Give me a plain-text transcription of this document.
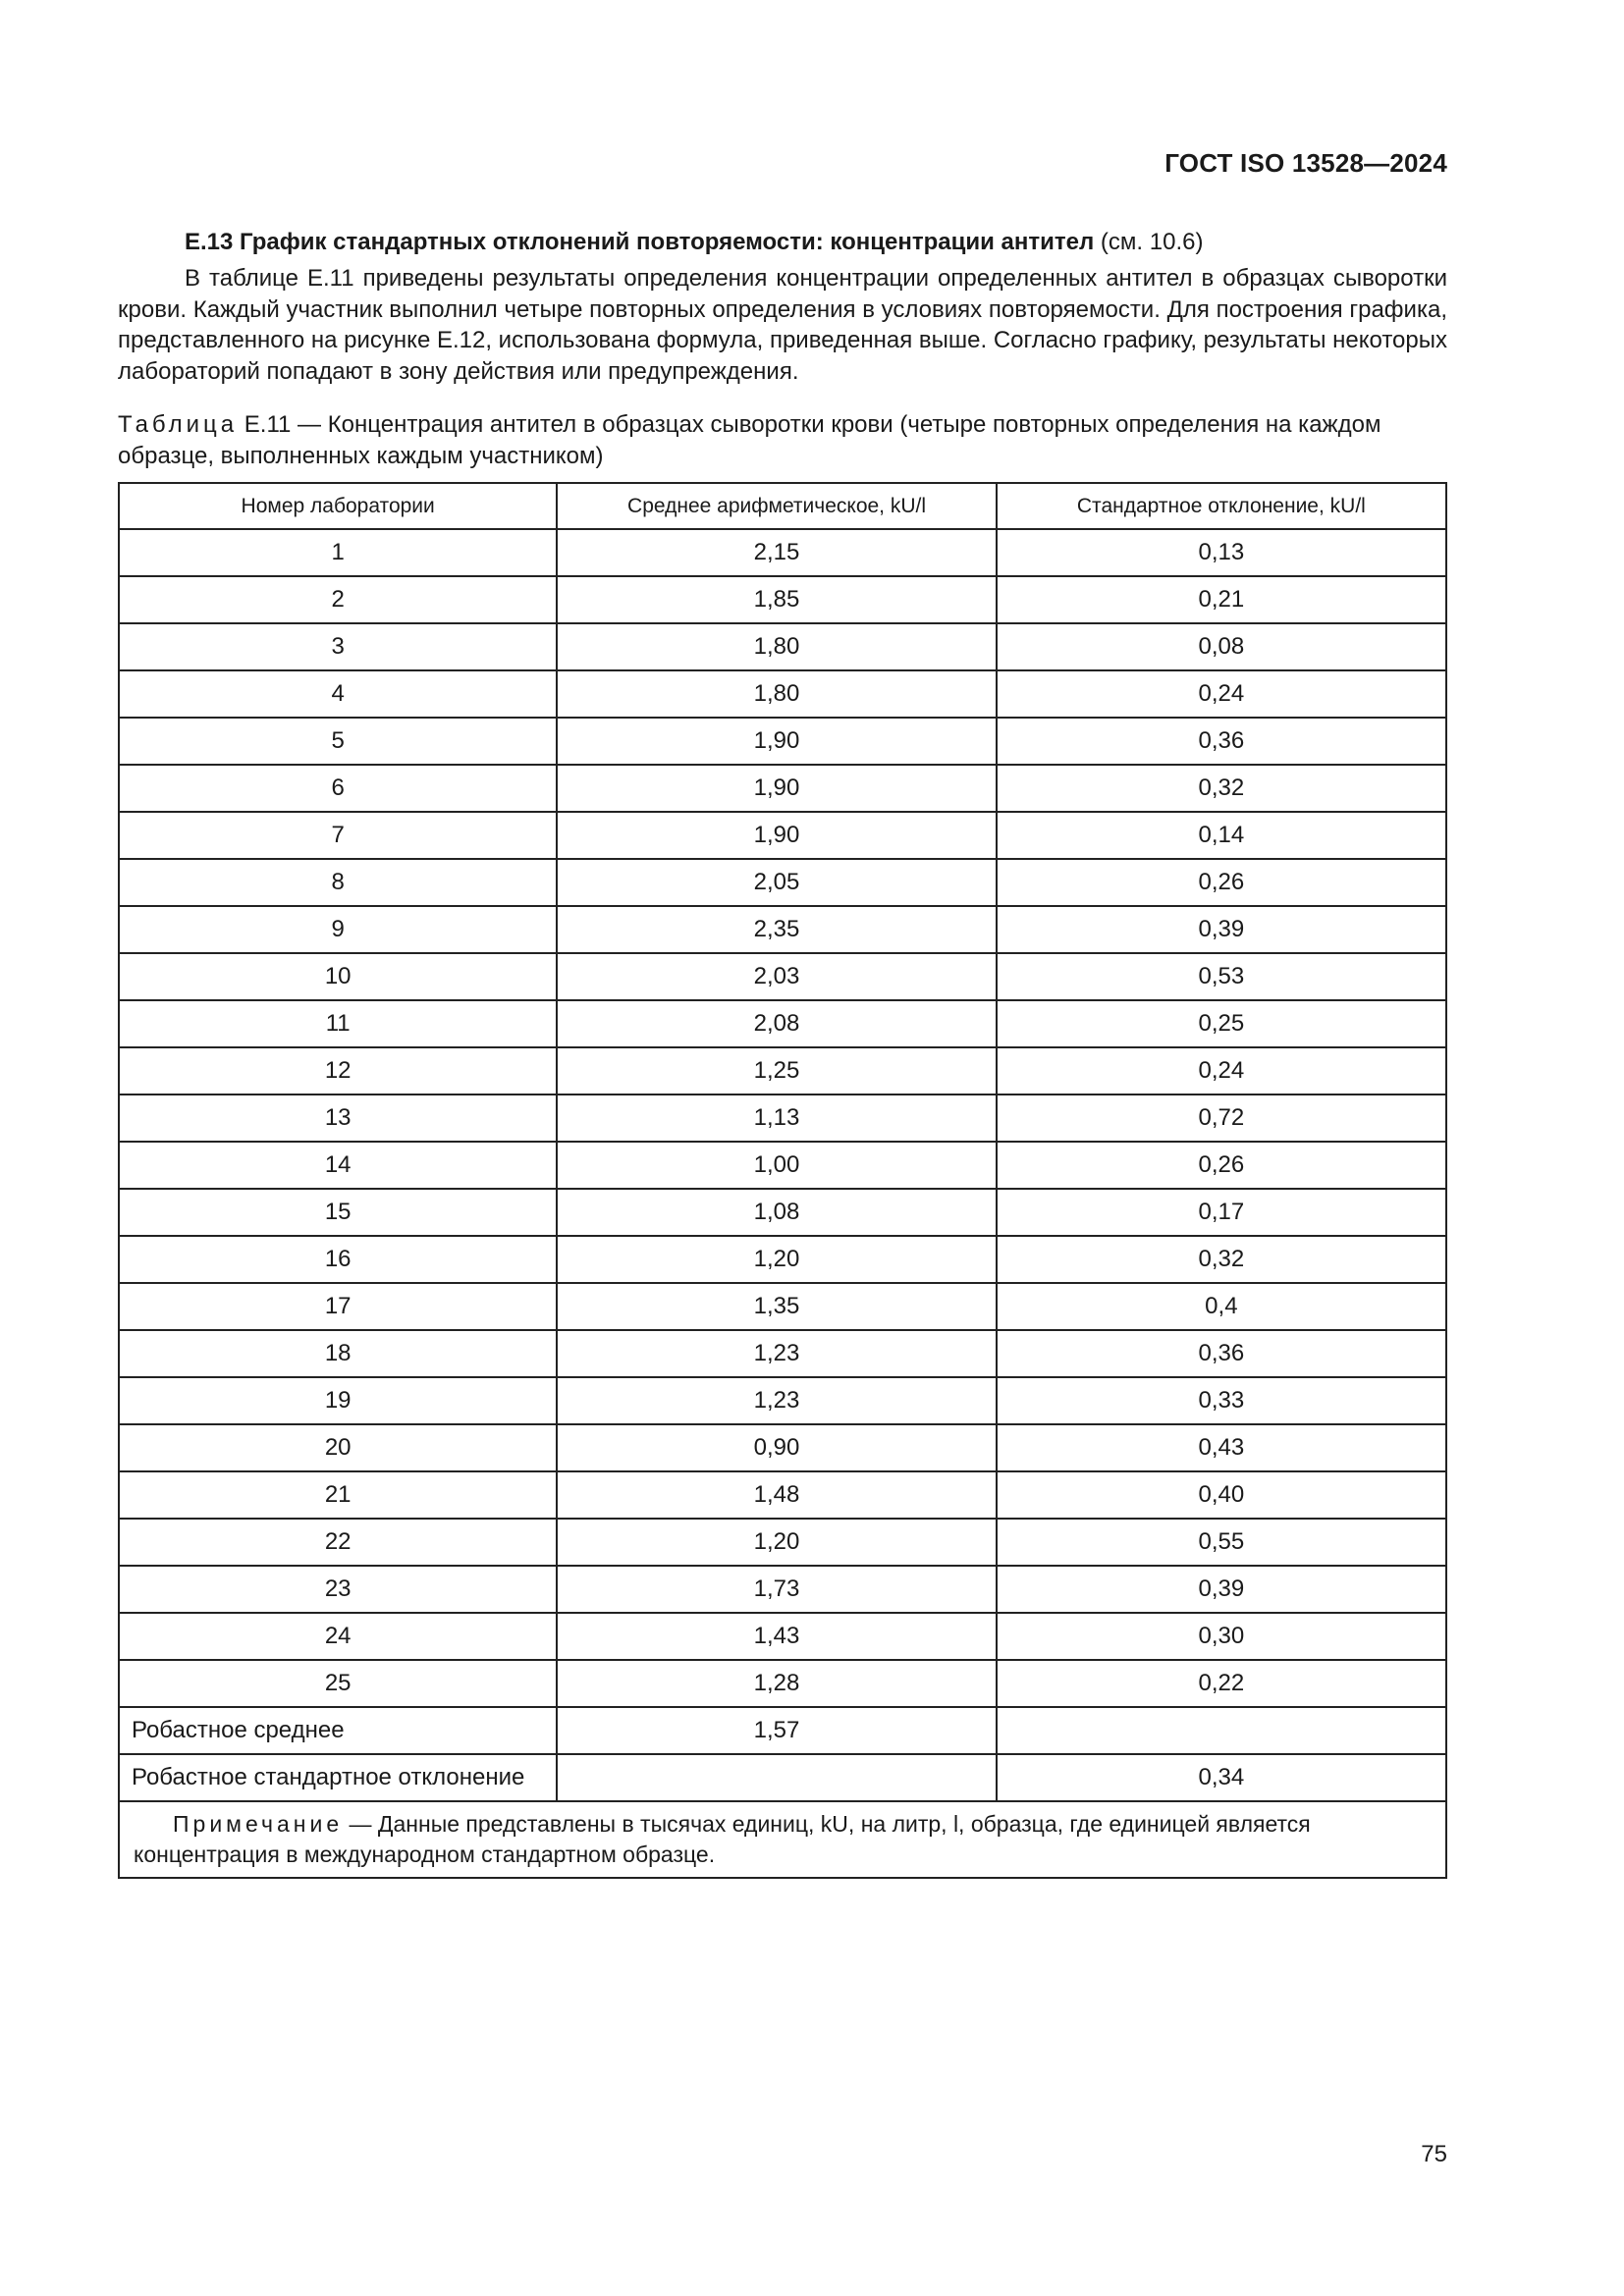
ГОСТ ISO 13528—2024
E.13 График стандартных отклонений повторяемости: концентрации антител (см. 10.6)
В таблице E.11 приведены результаты определения концентрации определенных антител в образцах сыворотки крови. Каждый участник выполнил четыре повторных определения в условиях повторяемости. Для построения графика, представленного на рисунке E.12, использована формула, приведенная выше. Согласно графику, результаты некоторых лабораторий попадают в зону действия или предупреждения.
Таблица E.11 — Концентрация антител в образцах сыворотки крови (четыре повторных определения на каждом образце, выполненных каждым участником)
Номер лаборатории	Среднее арифметическое, kU/l	Стандартное отклонение, kU/l
1	2,15	0,13
2	1,85	0,21
3	1,80	0,08
4	1,80	0,24
5	1,90	0,36
6	1,90	0,32
7	1,90	0,14
8	2,05	0,26
9	2,35	0,39
10	2,03	0,53
11	2,08	0,25
12	1,25	0,24
13	1,13	0,72
14	1,00	0,26
15	1,08	0,17
16	1,20	0,32
17	1,35	0,4
18	1,23	0,36
19	1,23	0,33
20	0,90	0,43
21	1,48	0,40
22	1,20	0,55
23	1,73	0,39
24	1,43	0,30
25	1,28	0,22
Робастное среднее	1,57	
Робастное стандартное отклонение		0,34
Примечание — Данные представлены в тысячах единиц, kU, на литр, l, образца, где единицей является концентрация в международном стандартном образце.		
75
